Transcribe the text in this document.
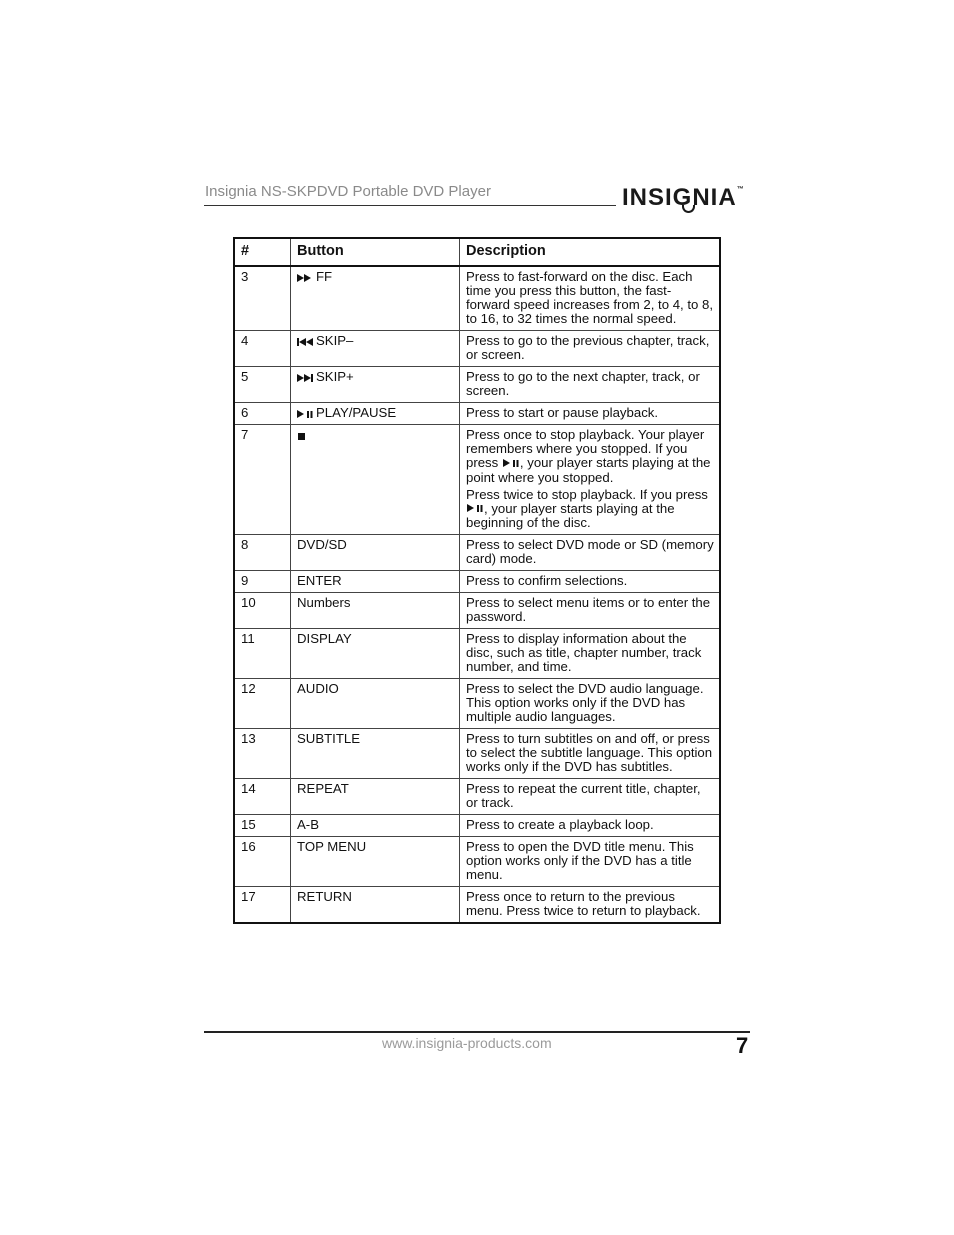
Insignia NS-SKPDVD Portable DVD Player	INSIGNIA™
#	Button	Description
3	FF	Press to fast-forward on the disc. Each time you press this button, the fast-forward speed increases from 2, to 4, to 8, to 16, to 32 times the normal speed.

4	SKIP–	Press to go to the previous chapter, track, or screen.

5	SKIP+	Press to go to the next chapter, track, or screen.

6	PLAY/PAUSE	Press to start or pause playback.

7		Press once to stop playback. Your player remembers where you stopped. If you press , your player starts playing at the point where you stopped.

Press twice to stop playback. If you press , your player starts playing at the beginning of the disc.

8	DVD/SD	Press to select DVD mode or SD (memory card) mode.

9	ENTER	Press to confirm selections.

10	Numbers	Press to select menu items or to enter the password.

11	DISPLAY	Press to display information about the disc, such as title, chapter number, track number, and time.

12	AUDIO	Press to select the DVD audio language. This option works only if the DVD has multiple audio languages.

13	SUBTITLE	Press to turn subtitles on and off, or press to select the subtitle language. This option works only if the DVD has subtitles.

14	REPEAT	Press to repeat the current title, chapter, or track.

15	A-B	Press to create a playback loop.

16	TOP MENU	Press to open the DVD title menu. This option works only if the DVD has a title menu.

17	RETURN	Press once to return to the previous menu. Press twice to return to playback.

www.insignia-products.com	7
